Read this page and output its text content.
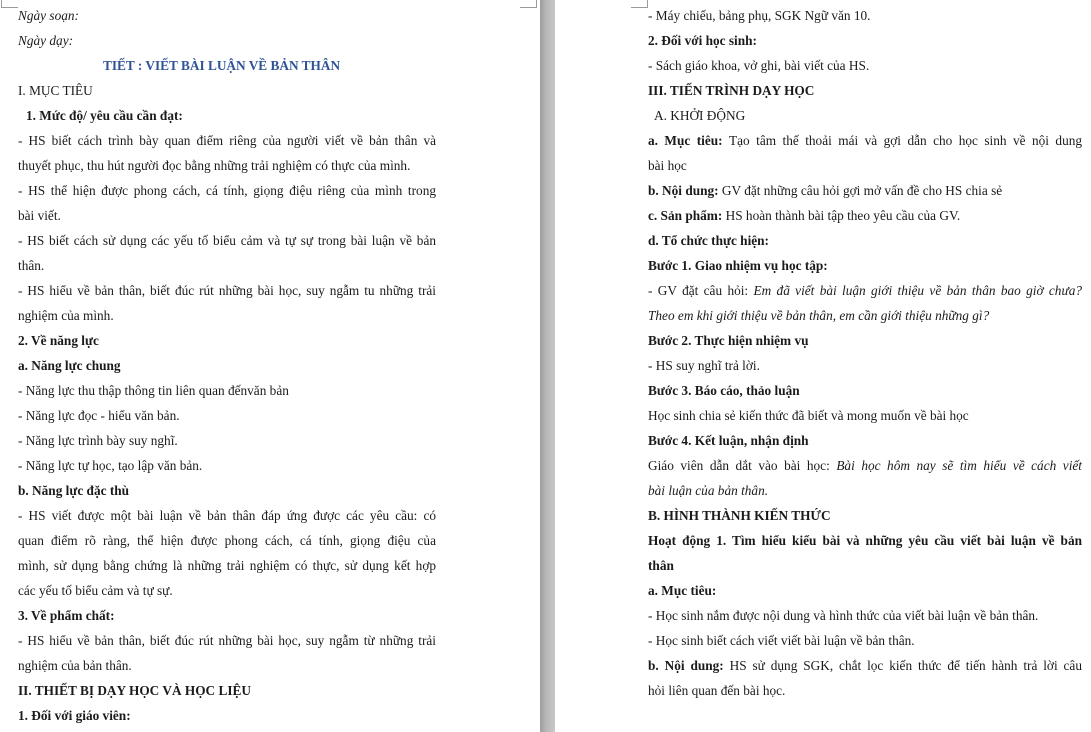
Ngày soạn:
Ngày dạy:
TIẾT : VIẾT BÀI LUẬN VỀ BẢN THÂN
I. MỤC TIÊU
1. Mức độ/ yêu cầu cần đạt:
- HS biết cách trình bày quan điểm riêng của người viết về bản thân và
thuyết phục, thu hút người đọc bằng những trải nghiệm có thực của mình.
- HS thể hiện được phong cách, cá tính, giọng điệu riêng của mình trong
bài viết.
- HS biết cách sử dụng các yếu tố biểu cảm và tự sự trong bài luận về bản
thân.
- HS hiểu về bản thân, biết đúc rút những bài học, suy ngẫm tu những trải
nghiệm của mình.
2. Về năng lực
a. Năng lực chung
- Năng lực thu thập thông tin liên quan đếnvăn bản
- Năng lực đọc - hiểu văn bản.
- Năng lực trình bày suy nghĩ.
- Năng lực tự học, tạo lập văn bản.
b. Năng lực đặc thù
- HS viết được một bài luận về bản thân đáp ứng được các yêu cầu: có
quan điểm rõ ràng, thể hiện được phong cách, cá tính, giọng điệu của
mình, sử dụng bằng chứng là những trải nghiệm có thực, sử dụng kết hợp
các yếu tố biểu cảm và tự sự.
3. Về phẩm chất:
- HS hiểu về bản thân, biết đúc rút những bài học, suy ngẫm từ những trải
nghiệm của bản thân.
II. THIẾT BỊ DẠY HỌC VÀ HỌC LIỆU
1. Đối với giáo viên:
- Máy chiếu, bảng phụ, SGK Ngữ văn 10.
2. Đối với học sinh:
- Sách giáo khoa, vở ghi, bài viết của HS.
III. TIẾN TRÌNH DẠY HỌC
A. KHỞI ĐỘNG
a. Mục tiêu: Tạo tâm thế thoải mái và gợi dẫn cho học sinh về nội dung
bài học
b. Nội dung: GV đặt những câu hỏi gợi mở vấn đề cho HS chia sẻ
c. Sản phẩm: HS hoàn thành bài tập theo yêu cầu của GV.
d. Tổ chức thực hiện:
Bước 1. Giao nhiệm vụ học tập:
- GV đặt câu hỏi: Em đã viết bài luận giới thiệu về bản thân bao giờ chưa?
Theo em khi giới thiệu về bản thân, em cần giới thiệu những gì?
Bước 2. Thực hiện nhiệm vụ
- HS suy nghĩ trả lời.
Bước 3. Báo cáo, thảo luận
Học sinh chia sẻ kiến thức đã biết và mong muốn về bài học
Bước 4. Kết luận, nhận định
Giáo viên dẫn dắt vào bài học: Bài học hôm nay sẽ tìm hiểu về cách viết
bài luận của bản thân.
B. HÌNH THÀNH KIẾN THỨC
Hoạt động 1. Tìm hiểu kiểu bài và những yêu cầu viết bài luận về bản
thân
a. Mục tiêu:
- Học sinh nắm được nội dung và hình thức của viết bài luận về bản thân.
- Học sinh biết cách viết viết bài luận về bản thân.
b. Nội dung: HS sử dụng SGK, chắt lọc kiến thức để tiến hành trả lời câu
hỏi liên quan đến bài học.
